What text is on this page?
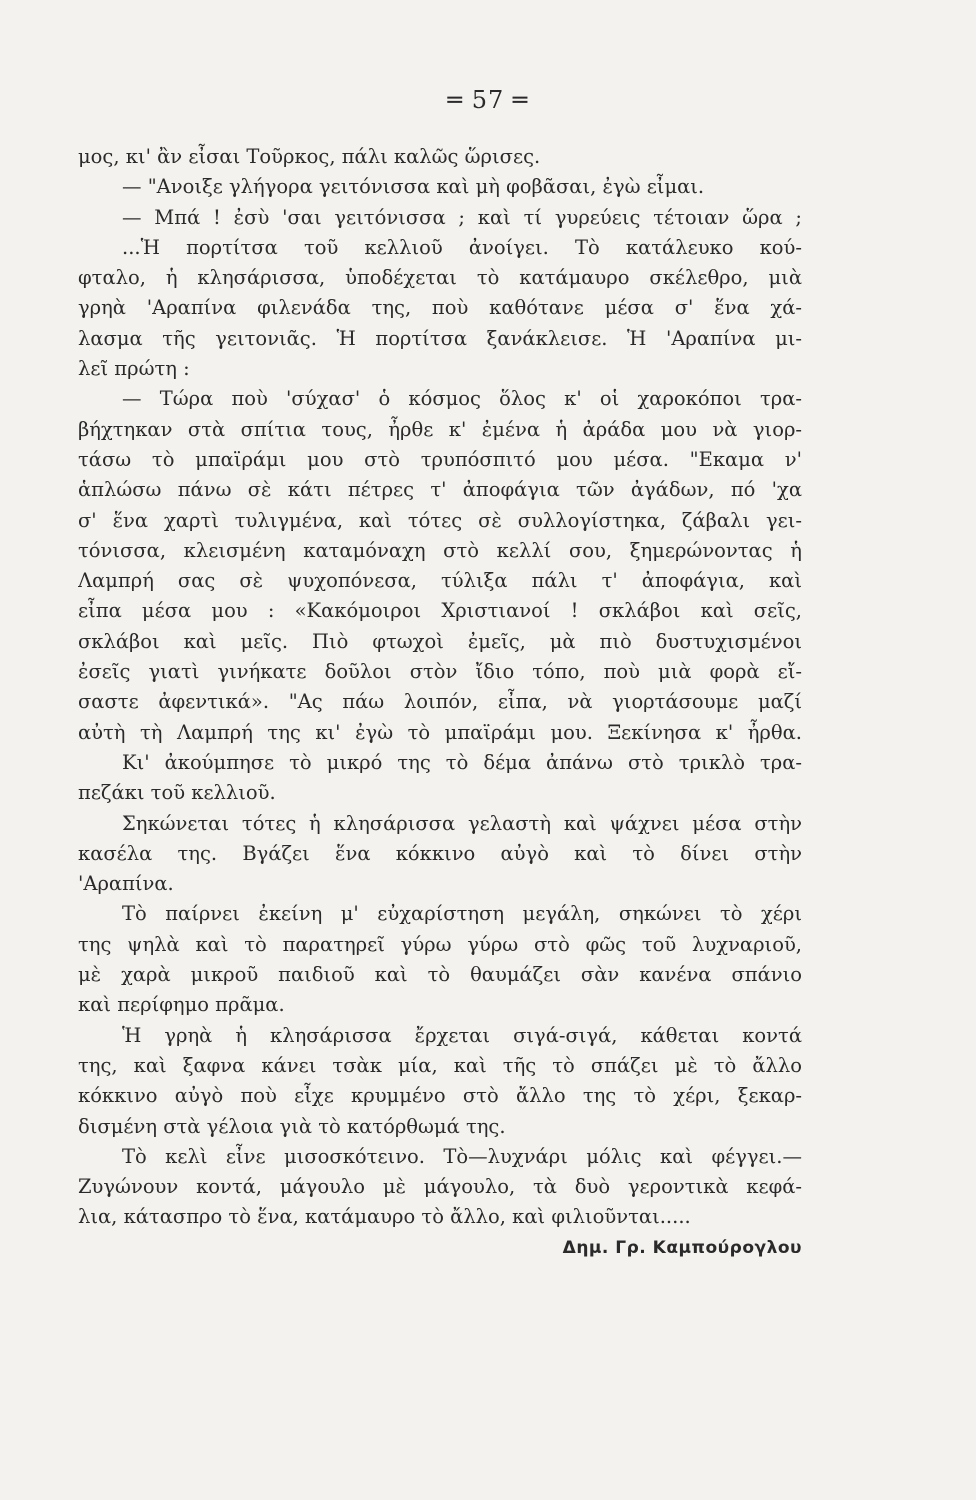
═ 57 ═
μος, κι' ἂν εἶσαι Τοῦρκος, πάλι καλῶς ὥρισες.
— "Ανοιξε γλήγορα γειτόνισσα καὶ μὴ φοβᾶσαι, ἐγὼ εἶμαι.
— Μπά ! ἐσὺ 'σαι γειτόνισσα ; καὶ τί γυρεύεις τέτοιαν ὥρα ;
...Ἡ πορτίτσα τοῦ κελλιοῦ ἀνοίγει. Τὸ κατάλευκο κού-
φταλο, ἡ κλησάρισσα, ὑποδέχεται τὸ κατάμαυρο σκέλεθρο, μιὰ
γρηὰ 'Αραπίνα φιλενάδα της, ποὺ καθότανε μέσα σ' ἕνα χά-
λασμα τῆς γειτονιᾶς. Ἡ πορτίτσα ξανάκλεισε. Ἡ 'Αραπίνα μι-
λεῖ πρώτη :
— Τώρα ποὺ 'σύχασ' ὁ κόσμος ὅλος κ' οἱ χαροκόποι τρα-
βήχτηκαν στὰ σπίτια τους, ἦρθε κ' ἐμένα ἡ ἀράδα μου νὰ γιορ-
τάσω τὸ μπαϊράμι μου στὸ τρυπόσπιτό μου μέσα. "Εκαμα ν'
ἁπλώσω πάνω σὲ κάτι πέτρες τ' ἀποφάγια τῶν ἀγάδων, πό 'χα
σ' ἕνα χαρτὶ τυλιγμένα, καὶ τότες σὲ συλλογίστηκα, ζάβαλι γει-
τόνισσα, κλεισμένη καταμόναχη στὸ κελλί σου, ξημερώνοντας ἡ
Λαμπρή σας σὲ ψυχοπόνεσα, τύλιξα πάλι τ' ἀποφάγια, καὶ
εἶπα μέσα μου : «Κακόμοιροι Χριστιανοί ! σκλάβοι καὶ σεῖς,
σκλάβοι καὶ μεῖς. Πιὸ φτωχοὶ ἐμεῖς, μὰ πιὸ δυστυχισμένοι
ἐσεῖς γιατὶ γινήκατε δοῦλοι στὸν ἴδιο τόπο, ποὺ μιὰ φορὰ εἴ-
σαστε ἀφεντικά». "Ας πάω λοιπόν, εἶπα, νὰ γιορτάσουμε μαζί
αὐτὴ τὴ Λαμπρή της κι' ἐγὼ τὸ μπαϊράμι μου. Ξεκίνησα κ' ἦρθα.
Κι' ἀκούμπησε τὸ μικρό της τὸ δέμα ἀπάνω στὸ τρικλὸ τρα-
πεζάκι τοῦ κελλιοῦ.
Σηκώνεται τότες ἡ κλησάρισσα γελαστὴ καὶ ψάχνει μέσα στὴν
κασέλα της. Βγάζει ἕνα κόκκινο αὐγὸ καὶ τὸ δίνει στὴν
'Αραπίνα.
Τὸ παίρνει ἐκείνη μ' εὐχαρίστηση μεγάλη, σηκώνει τὸ χέρι
της ψηλὰ καὶ τὸ παρατηρεῖ γύρω γύρω στὸ φῶς τοῦ λυχναριοῦ,
μὲ χαρὰ μικροῦ παιδιοῦ καὶ τὸ θαυμάζει σὰν κανένα σπάνιο
καὶ περίφημο πρᾶμα.
Ἡ γρηὰ ἡ κλησάρισσα ἔρχεται σιγά-σιγά, κάθεται κοντά
της, καὶ ξαφνα κάνει τσὰκ μία, καὶ τῆς τὸ σπάζει μὲ τὸ ἄλλο
κόκκινο αὐγὸ ποὺ εἶχε κρυμμένο στὸ ἄλλο της τὸ χέρι, ξεκαρ-
δισμένη στὰ γέλοια γιὰ τὸ κατόρθωμά της.
Τὸ κελὶ εἶνε μισοσκότεινο. Τὸ—λυχνάρι μόλις καὶ φέγγει.—
Ζυγώνουν κοντά, μάγουλο μὲ μάγουλο, τὰ δυὸ γεροντικὰ κεφά-
λια, κάτασπρο τὸ ἕνα, κατάμαυρο τὸ ἄλλο, καὶ φιλιοῦνται.....
Δημ. Γρ. Καμπούρογλου
